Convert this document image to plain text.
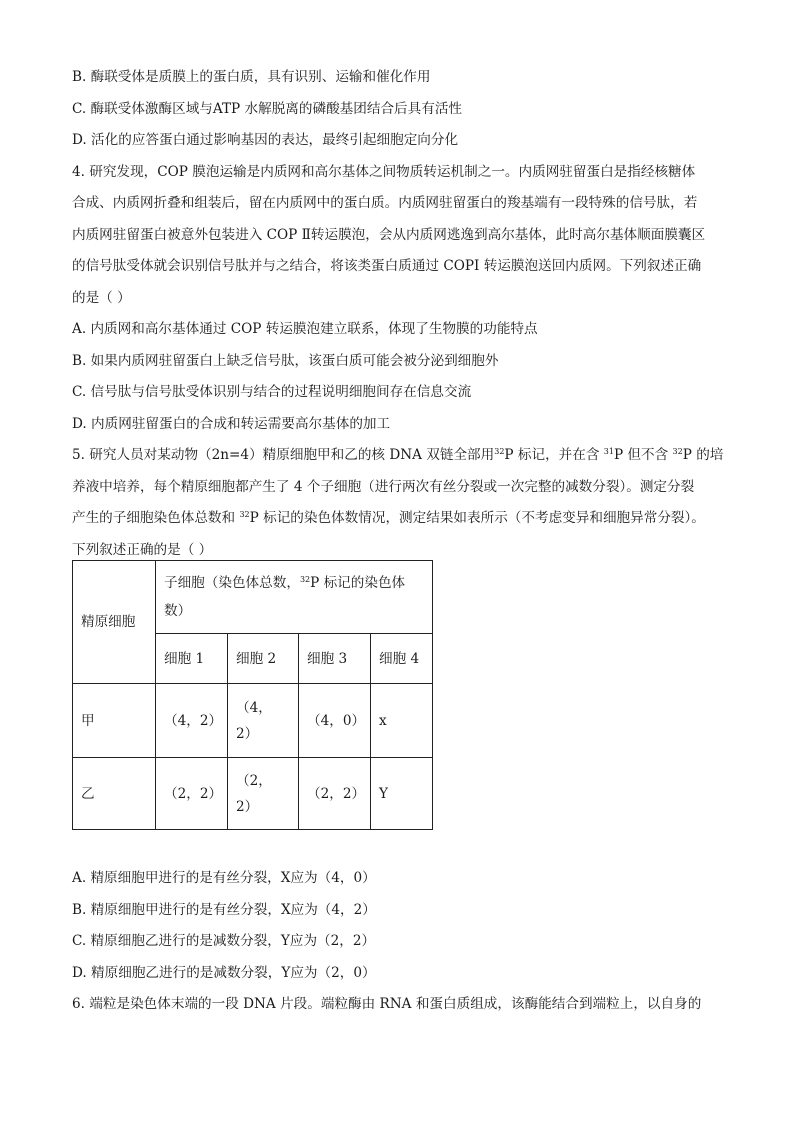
B. 酶联受体是质膜上的蛋白质，具有识别、运输和催化作用
C. 酶联受体激酶区域与ATP 水解脱离的磷酸基团结合后具有活性
D. 活化的应答蛋白通过影响基因的表达，最终引起细胞定向分化
4. 研究发现，COP 膜泡运输是内质网和高尔基体之间物质转运机制之一。内质网驻留蛋白是指经核糖体
合成、内质网折叠和组装后，留在内质网中的蛋白质。内质网驻留蛋白的羧基端有一段特殊的信号肽，若
内质网驻留蛋白被意外包装进入 COP Ⅱ转运膜泡，会从内质网逃逸到高尔基体，此时高尔基体顺面膜囊区
的信号肽受体就会识别信号肽并与之结合，将该类蛋白质通过 COPI 转运膜泡送回内质网。下列叙述正确
的是（ ）
A. 内质网和高尔基体通过 COP 转运膜泡建立联系，体现了生物膜的功能特点
B. 如果内质网驻留蛋白上缺乏信号肽，该蛋白质可能会被分泌到细胞外
C. 信号肽与信号肽受体识别与结合的过程说明细胞间存在信息交流
D. 内质网驻留蛋白的合成和转运需要高尔基体的加工
5. 研究人员对某动物（2n=4）精原细胞甲和乙的核 DNA 双链全部用$^{32}$P 标记，并在含 $^{31}$P 但不含 $^{32}$P 的培
养液中培养，每个精原细胞都产生了 4 个子细胞（进行两次有丝分裂或一次完整的减数分裂）。测定分裂
产生的子细胞染色体总数和 $^{32}$P 标记的染色体数情况，测定结果如表所示（不考虑变异和细胞异常分裂）。
下列叙述正确的是（ ）
精原细胞	子细胞（染色体总数，$^{32}$P 标记的染色体
数）			

	细胞 1	细胞 2	细胞 3	细胞 4
甲	（4，2）	（4，
2）	（4，0）	x
乙	（2，2）	（2，
2）	（2，2）	Y
A. 精原细胞甲进行的是有丝分裂，X应为（4，0）
B. 精原细胞甲进行的是有丝分裂，X应为（4，2）
C. 精原细胞乙进行的是减数分裂，Y应为（2，2）
D. 精原细胞乙进行的是减数分裂，Y应为（2，0）
6. 端粒是染色体末端的一段 DNA 片段。端粒酶由 RNA 和蛋白质组成，该酶能结合到端粒上，以自身的
